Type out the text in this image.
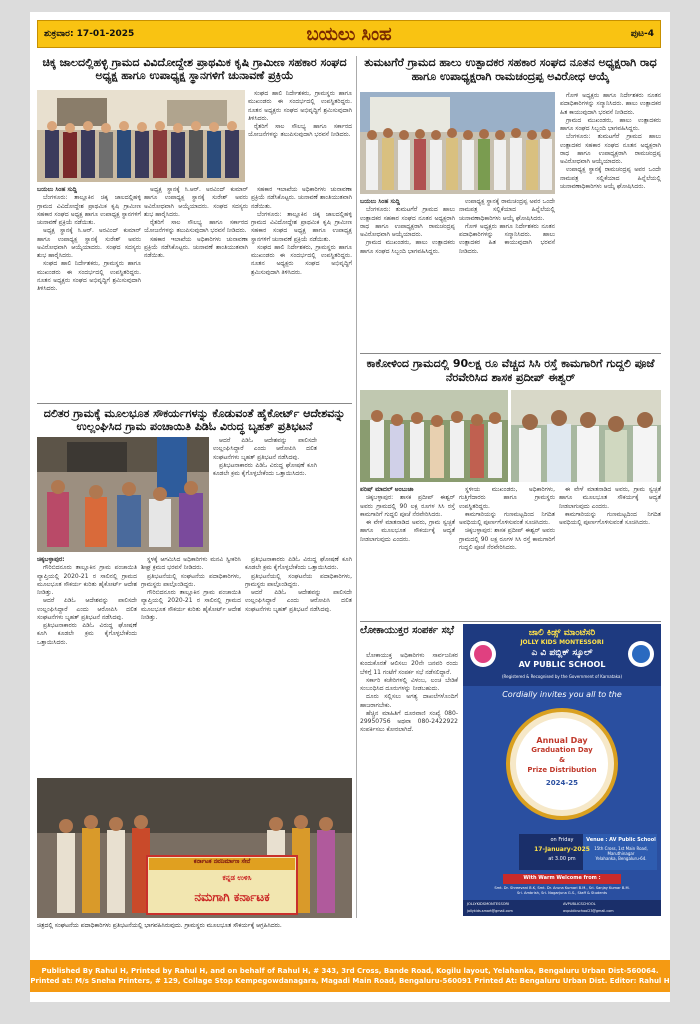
ಶುಕ್ರವಾರ: 17-01-2025	ಬಯಲು ಸಿಂಹ	ಪುಟ-4
ಚಿಕ್ಕ ಜಾಲದಲ್ಲಿಹಳ್ಳಿ ಗ್ರಾಮದ ವಿವಿದೋದ್ದೇಶ ಪ್ರಾಥಮಿಕ ಕೃಷಿ ಗ್ರಾಮೀಣ ಸಹಕಾರ ಸಂಘದ ಅಧ್ಯಕ್ಷ ಹಾಗೂ ಉಪಾಧ್ಯಕ್ಷ ಸ್ಥಾನಗಳಿಗೆ ಚುನಾವಣೆ ಪ್ರಕ್ರಿಯೆ

ಸಂಘದ ಹಾಲಿ ನಿರ್ದೇಶಕರು, ಗ್ರಾಮಸ್ಥರು ಹಾಗೂ ಮುಖಂಡರು ಈ ಸಂದರ್ಭದಲ್ಲಿ ಉಪಸ್ಥಿತರಿದ್ದರು. ನೂತನ ಅಧ್ಯಕ್ಷರು ಸಂಘದ ಅಭಿವೃದ್ಧಿಗೆ ಶ್ರಮಿಸುವುದಾಗಿ ತಿಳಿಸಿದರು.

ರೈತರಿಗೆ ಸಾಲ ಸೌಲಭ್ಯ ಹಾಗೂ ಸರ್ಕಾರದ ಯೋಜನೆಗಳನ್ನು ತಲುಪಿಸುವುದಾಗಿ ಭರವಸೆ ನೀಡಿದರು.

ಬಯಲು ಸಿಂಹ ಸುದ್ದಿ

ಬೆಂಗಳೂರು: ತಾಲ್ಲೂಕಿನ ಚಿಕ್ಕ ಜಾಲದಲ್ಲಿಹಳ್ಳಿ ಗ್ರಾಮದ ವಿವಿದೋದ್ದೇಶ ಪ್ರಾಥಮಿಕ ಕೃಷಿ ಗ್ರಾಮೀಣ ಸಹಕಾರ ಸಂಘದ ಅಧ್ಯಕ್ಷ ಹಾಗೂ ಉಪಾಧ್ಯಕ್ಷ ಸ್ಥಾನಗಳಿಗೆ ಚುನಾವಣೆ ಪ್ರಕ್ರಿಯೆ ನಡೆಯಿತು.

ಅಧ್ಯಕ್ಷ ಸ್ಥಾನಕ್ಕೆ ಸಿ.ಆರ್. ಅರವಿಂದ್ ಕುಮಾರ್ ಹಾಗೂ ಉಪಾಧ್ಯಕ್ಷ ಸ್ಥಾನಕ್ಕೆ ಸುರೇಶ್ ಅವರು ಅವಿರೋಧವಾಗಿ ಆಯ್ಕೆಯಾದರು. ಸಂಘದ ಸದಸ್ಯರು ಶುಭ ಹಾರೈಸಿದರು.

ಸಂಘದ ಹಾಲಿ ನಿರ್ದೇಶಕರು, ಗ್ರಾಮಸ್ಥರು ಹಾಗೂ ಮುಖಂಡರು ಈ ಸಂದರ್ಭದಲ್ಲಿ ಉಪಸ್ಥಿತರಿದ್ದರು. ನೂತನ ಅಧ್ಯಕ್ಷರು ಸಂಘದ ಅಭಿವೃದ್ಧಿಗೆ ಶ್ರಮಿಸುವುದಾಗಿ ತಿಳಿಸಿದರು.

ಅಧ್ಯಕ್ಷ ಸ್ಥಾನಕ್ಕೆ ಸಿ.ಆರ್. ಅರವಿಂದ್ ಕುಮಾರ್ ಹಾಗೂ ಉಪಾಧ್ಯಕ್ಷ ಸ್ಥಾನಕ್ಕೆ ಸುರೇಶ್ ಅವರು ಅವಿರೋಧವಾಗಿ ಆಯ್ಕೆಯಾದರು. ಸಂಘದ ಸದಸ್ಯರು ಶುಭ ಹಾರೈಸಿದರು.

ರೈತರಿಗೆ ಸಾಲ ಸೌಲಭ್ಯ ಹಾಗೂ ಸರ್ಕಾರದ ಯೋಜನೆಗಳನ್ನು ತಲುಪಿಸುವುದಾಗಿ ಭರವಸೆ ನೀಡಿದರು.

ಸಹಕಾರ ಇಲಾಖೆಯ ಅಧಿಕಾರಿಗಳು ಚುನಾವಣಾ ಪ್ರಕ್ರಿಯೆ ನಡೆಸಿಕೊಟ್ಟರು. ಚುನಾವಣೆ ಶಾಂತಿಯುತವಾಗಿ ನಡೆಯಿತು.

ಸಹಕಾರ ಇಲಾಖೆಯ ಅಧಿಕಾರಿಗಳು ಚುನಾವಣಾ ಪ್ರಕ್ರಿಯೆ ನಡೆಸಿಕೊಟ್ಟರು. ಚುನಾವಣೆ ಶಾಂತಿಯುತವಾಗಿ ನಡೆಯಿತು.

ಬೆಂಗಳೂರು: ತಾಲ್ಲೂಕಿನ ಚಿಕ್ಕ ಜಾಲದಲ್ಲಿಹಳ್ಳಿ ಗ್ರಾಮದ ವಿವಿದೋದ್ದೇಶ ಪ್ರಾಥಮಿಕ ಕೃಷಿ ಗ್ರಾಮೀಣ ಸಹಕಾರ ಸಂಘದ ಅಧ್ಯಕ್ಷ ಹಾಗೂ ಉಪಾಧ್ಯಕ್ಷ ಸ್ಥಾನಗಳಿಗೆ ಚುನಾವಣೆ ಪ್ರಕ್ರಿಯೆ ನಡೆಯಿತು.

ಸಂಘದ ಹಾಲಿ ನಿರ್ದೇಶಕರು, ಗ್ರಾಮಸ್ಥರು ಹಾಗೂ ಮುಖಂಡರು ಈ ಸಂದರ್ಭದಲ್ಲಿ ಉಪಸ್ಥಿತರಿದ್ದರು. ನೂತನ ಅಧ್ಯಕ್ಷರು ಸಂಘದ ಅಭಿವೃದ್ಧಿಗೆ ಶ್ರಮಿಸುವುದಾಗಿ ತಿಳಿಸಿದರು.

ದಲಿತರ ಗ್ರಾಮಕ್ಕೆ ಮೂಲಭೂತ ಸೌಕರ್ಯಗಳನ್ನು ಕೊಡುವಂತೆ ಹೈಕೋರ್ಟ್ ಆದೇಶವನ್ನು ಉಲ್ಲಂಘಿಸಿದ ಗ್ರಾಮ ಪಂಚಾಯಿತಿ ಪಿಡಿಓ ವಿರುದ್ಧ ಬೃಹತ್ ಪ್ರತಿಭಟನೆ

ಆದರೆ ಪಿಡಿಓ ಆದೇಶವನ್ನು ಪಾಲಿಸದೇ ಉಲ್ಲಂಘಿಸಿದ್ದಾರೆ ಎಂದು ಆರೋಪಿಸಿ ದಲಿತ ಸಂಘಟನೆಗಳು ಬೃಹತ್ ಪ್ರತಿಭಟನೆ ನಡೆಸಿದವು.

ಪ್ರತಿಭಟನಾಕಾರರು ಪಿಡಿಓ ವಿರುದ್ಧ ಘೋಷಣೆ ಕೂಗಿ ಕೂಡಲೇ ಕ್ರಮ ಕೈಗೊಳ್ಳಬೇಕೆಂದು ಒತ್ತಾಯಿಸಿದರು.

ಚಿಕ್ಕಬಳ್ಳಾಪುರ:

ಗೌರಿಬಿದನೂರು ತಾಲ್ಲೂಕಿನ ಗ್ರಾಮ ಪಂಚಾಯಿತಿ ವ್ಯಾಪ್ತಿಯಲ್ಲಿ 2020-21 ರ ಸಾಲಿನಲ್ಲಿ ಗ್ರಾಮದ ಮೂಲಭೂತ ಸೌಕರ್ಯ ಕುರಿತು ಹೈಕೋರ್ಟ್ ಆದೇಶ ನೀಡಿತ್ತು.

ಆದರೆ ಪಿಡಿಓ ಆದೇಶವನ್ನು ಪಾಲಿಸದೇ ಉಲ್ಲಂಘಿಸಿದ್ದಾರೆ ಎಂದು ಆರೋಪಿಸಿ ದಲಿತ ಸಂಘಟನೆಗಳು ಬೃಹತ್ ಪ್ರತಿಭಟನೆ ನಡೆಸಿದವು.

ಪ್ರತಿಭಟನಾಕಾರರು ಪಿಡಿಓ ವಿರುದ್ಧ ಘೋಷಣೆ ಕೂಗಿ ಕೂಡಲೇ ಕ್ರಮ ಕೈಗೊಳ್ಳಬೇಕೆಂದು ಒತ್ತಾಯಿಸಿದರು.

ಸ್ಥಳಕ್ಕೆ ಆಗಮಿಸಿದ ಅಧಿಕಾರಿಗಳು ಮನವಿ ಸ್ವೀಕರಿಸಿ ಶೀಘ್ರ ಕ್ರಮದ ಭರವಸೆ ನೀಡಿದರು.

ಪ್ರತಿಭಟನೆಯಲ್ಲಿ ಸಂಘಟನೆಯ ಪದಾಧಿಕಾರಿಗಳು, ಗ್ರಾಮಸ್ಥರು ಪಾಲ್ಗೊಂಡಿದ್ದರು.

ಗೌರಿಬಿದನೂರು ತಾಲ್ಲೂಕಿನ ಗ್ರಾಮ ಪಂಚಾಯಿತಿ ವ್ಯಾಪ್ತಿಯಲ್ಲಿ 2020-21 ರ ಸಾಲಿನಲ್ಲಿ ಗ್ರಾಮದ ಮೂಲಭೂತ ಸೌಕರ್ಯ ಕುರಿತು ಹೈಕೋರ್ಟ್ ಆದೇಶ ನೀಡಿತ್ತು.

ಪ್ರತಿಭಟನಾಕಾರರು ಪಿಡಿಓ ವಿರುದ್ಧ ಘೋಷಣೆ ಕೂಗಿ ಕೂಡಲೇ ಕ್ರಮ ಕೈಗೊಳ್ಳಬೇಕೆಂದು ಒತ್ತಾಯಿಸಿದರು.

ಪ್ರತಿಭಟನೆಯಲ್ಲಿ ಸಂಘಟನೆಯ ಪದಾಧಿಕಾರಿಗಳು, ಗ್ರಾಮಸ್ಥರು ಪಾಲ್ಗೊಂಡಿದ್ದರು.

ಆದರೆ ಪಿಡಿಓ ಆದೇಶವನ್ನು ಪಾಲಿಸದೇ ಉಲ್ಲಂಘಿಸಿದ್ದಾರೆ ಎಂದು ಆರೋಪಿಸಿ ದಲಿತ ಸಂಘಟನೆಗಳು ಬೃಹತ್ ಪ್ರತಿಭಟನೆ ನಡೆಸಿದವು.

ಕರ್ನಾಟಕ ನವನಿರ್ಮಾಣ ಸೇನೆ
ಕನ್ನಡ ಉಳಿಸಿ
ನಮಗಾಗಿ ಕರ್ನಾಟಕ
ಚಿತ್ರದಲ್ಲಿ ಸಂಘಟನೆಯ ಪದಾಧಿಕಾರಿಗಳು ಪ್ರತಿಭಟನೆಯಲ್ಲಿ ಭಾಗವಹಿಸಿರುವುದು. ಗ್ರಾಮಸ್ಥರು ಮೂಲಭೂತ ಸೌಕರ್ಯಕ್ಕೆ ಆಗ್ರಹಿಸಿದರು.
ತುಮಟಗೆರೆ ಗ್ರಾಮದ ಹಾಲು ಉತ್ಪಾದಕರ ಸಹಕಾರ ಸಂಘದ ನೂತನ ಅಧ್ಯಕ್ಷರಾಗಿ ರಾಧ ಹಾಗೂ ಉಪಾಧ್ಯಕ್ಷರಾಗಿ ರಾಮಚಂದ್ರಪ್ಪ ಅವಿರೋಧ ಆಯ್ಕೆ

ಗೋಳಿ ಅಧ್ಯಕ್ಷರು ಹಾಗೂ ನಿರ್ದೇಶಕರು ನೂತನ ಪದಾಧಿಕಾರಿಗಳನ್ನು ಸನ್ಮಾನಿಸಿದರು. ಹಾಲು ಉತ್ಪಾದಕರ ಹಿತ ಕಾಯುವುದಾಗಿ ಭರವಸೆ ನೀಡಿದರು.

ಗ್ರಾಮದ ಮುಖಂಡರು, ಹಾಲು ಉತ್ಪಾದಕರು ಹಾಗೂ ಸಂಘದ ಸಿಬ್ಬಂದಿ ಭಾಗವಹಿಸಿದ್ದರು.

ಬೆಂಗಳೂರು: ತುಮಟಗೆರೆ ಗ್ರಾಮದ ಹಾಲು ಉತ್ಪಾದಕರ ಸಹಕಾರ ಸಂಘದ ನೂತನ ಅಧ್ಯಕ್ಷರಾಗಿ ರಾಧ ಹಾಗೂ ಉಪಾಧ್ಯಕ್ಷರಾಗಿ ರಾಮಚಂದ್ರಪ್ಪ ಅವಿರೋಧವಾಗಿ ಆಯ್ಕೆಯಾದರು.

ಉಪಾಧ್ಯಕ್ಷ ಸ್ಥಾನಕ್ಕೆ ರಾಮಚಂದ್ರಪ್ಪ ಅವರ ಒಂದೇ ನಾಮಪತ್ರ ಸಲ್ಲಿಕೆಯಾದ ಹಿನ್ನೆಲೆಯಲ್ಲಿ ಚುನಾವಣಾಧಿಕಾರಿಗಳು ಆಯ್ಕೆ ಘೋಷಿಸಿದರು.

ಬಯಲು ಸಿಂಹ ಸುದ್ದಿ

ಬೆಂಗಳೂರು: ತುಮಟಗೆರೆ ಗ್ರಾಮದ ಹಾಲು ಉತ್ಪಾದಕರ ಸಹಕಾರ ಸಂಘದ ನೂತನ ಅಧ್ಯಕ್ಷರಾಗಿ ರಾಧ ಹಾಗೂ ಉಪಾಧ್ಯಕ್ಷರಾಗಿ ರಾಮಚಂದ್ರಪ್ಪ ಅವಿರೋಧವಾಗಿ ಆಯ್ಕೆಯಾದರು.

ಗ್ರಾಮದ ಮುಖಂಡರು, ಹಾಲು ಉತ್ಪಾದಕರು ಹಾಗೂ ಸಂಘದ ಸಿಬ್ಬಂದಿ ಭಾಗವಹಿಸಿದ್ದರು.

ಉಪಾಧ್ಯಕ್ಷ ಸ್ಥಾನಕ್ಕೆ ರಾಮಚಂದ್ರಪ್ಪ ಅವರ ಒಂದೇ ನಾಮಪತ್ರ ಸಲ್ಲಿಕೆಯಾದ ಹಿನ್ನೆಲೆಯಲ್ಲಿ ಚುನಾವಣಾಧಿಕಾರಿಗಳು ಆಯ್ಕೆ ಘೋಷಿಸಿದರು.

ಗೋಳಿ ಅಧ್ಯಕ್ಷರು ಹಾಗೂ ನಿರ್ದೇಶಕರು ನೂತನ ಪದಾಧಿಕಾರಿಗಳನ್ನು ಸನ್ಮಾನಿಸಿದರು. ಹಾಲು ಉತ್ಪಾದಕರ ಹಿತ ಕಾಯುವುದಾಗಿ ಭರವಸೆ ನೀಡಿದರು.

ಕಾಕೋಳಿಂದ ಗ್ರಾಮದಲ್ಲಿ 90ಲಕ್ಷ ರೂ ವೆಚ್ಚದ ಸಿಸಿ ರಸ್ತೆ ಕಾಮಗಾರಿಗೆ ಗುದ್ದಲಿ ಪೂಜೆ ನೆರವೇರಿಸಿದ ಶಾಸಕ ಪ್ರದೀಪ್ ಈಶ್ವರ್

ಪರಿಷ್ ಮಾದಲ್ ಅಂಬುಜಾ

ಚಿಕ್ಕಬಳ್ಳಾಪುರ: ಶಾಸಕ ಪ್ರದೀಪ್ ಈಶ್ವರ್ ಅವರು ಗ್ರಾಮದಲ್ಲಿ 90 ಲಕ್ಷ ರೂಗಳ ಸಿಸಿ ರಸ್ತೆ ಕಾಮಗಾರಿಗೆ ಗುದ್ದಲಿ ಪೂಜೆ ನೆರವೇರಿಸಿದರು.

ಈ ವೇಳೆ ಮಾತನಾಡಿದ ಅವರು, ಗ್ರಾಮ ಸ್ವಚ್ಛತೆ ಹಾಗೂ ಮೂಲಭೂತ ಸೌಕರ್ಯಕ್ಕೆ ಆದ್ಯತೆ ನೀಡಲಾಗುವುದು ಎಂದರು.

ಸ್ಥಳೀಯ ಮುಖಂಡರು, ಅಧಿಕಾರಿಗಳು, ಗುತ್ತಿಗೆದಾರರು ಹಾಗೂ ಗ್ರಾಮಸ್ಥರು ಉಪಸ್ಥಿತರಿದ್ದರು.

ಕಾಮಗಾರಿಯನ್ನು ಗುಣಮಟ್ಟದಿಂದ ನಿಗದಿತ ಅವಧಿಯಲ್ಲಿ ಪೂರ್ಣಗೊಳಿಸುವಂತೆ ಸೂಚಿಸಿದರು.

ಚಿಕ್ಕಬಳ್ಳಾಪುರ: ಶಾಸಕ ಪ್ರದೀಪ್ ಈಶ್ವರ್ ಅವರು ಗ್ರಾಮದಲ್ಲಿ 90 ಲಕ್ಷ ರೂಗಳ ಸಿಸಿ ರಸ್ತೆ ಕಾಮಗಾರಿಗೆ ಗುದ್ದಲಿ ಪೂಜೆ ನೆರವೇರಿಸಿದರು.

ಈ ವೇಳೆ ಮಾತನಾಡಿದ ಅವರು, ಗ್ರಾಮ ಸ್ವಚ್ಛತೆ ಹಾಗೂ ಮೂಲಭೂತ ಸೌಕರ್ಯಕ್ಕೆ ಆದ್ಯತೆ ನೀಡಲಾಗುವುದು ಎಂದರು.

ಕಾಮಗಾರಿಯನ್ನು ಗುಣಮಟ್ಟದಿಂದ ನಿಗದಿತ ಅವಧಿಯಲ್ಲಿ ಪೂರ್ಣಗೊಳಿಸುವಂತೆ ಸೂಚಿಸಿದರು.

ಲೋಕಾಯುಕ್ತರ ಸಂಪರ್ಕ ಸಭೆ

ಲೋಕಾಯುಕ್ತ ಅಧಿಕಾರಿಗಳು ಸಾರ್ವಜನಿಕರ ಕುಂದುಕೊರತೆ ಆಲಿಸಲು 20ನೇ ಜನವರಿ ರಂದು ಬೆಳಿಗ್ಗೆ 11 ಗಂಟೆಗೆ ಸಂಪರ್ಕ ಸಭೆ ನಡೆಸಲಿದ್ದಾರೆ.

ಸರ್ಕಾರಿ ಕಚೇರಿಗಳಲ್ಲಿ ವಿಳಂಬ, ಲಂಚ ಬೇಡಿಕೆ ಸಂಬಂಧಿಸಿದ ದೂರುಗಳನ್ನು ನೀಡಬಹುದು.

ದೂರು ಸಲ್ಲಿಸಲು ಅಗತ್ಯ ದಾಖಲೆಗಳೊಂದಿಗೆ ಹಾಜರಾಗಬೇಕು.

ಹೆಚ್ಚಿನ ಮಾಹಿತಿಗೆ ದೂರವಾಣಿ ಸಂಖ್ಯೆ 080-29950756 ಅಥವಾ 080-2422922 ಸಂಪರ್ಕಿಸಲು ಕೋರಲಾಗಿದೆ.

ಜಾಲಿ ಕಿಡ್ಸ್ ಮಾಂಟೆಸರಿ
JOLLY KIDS MONTESSORI
ಎ ವಿ ಪಬ್ಲಿಕ್ ಸ್ಕೂಲ್
AV PUBLIC SCHOOL
(Registered & Recognised by the Government of Karnataka)
Cordially invites you all to the
Annual Day
Graduation Day
&
Prize Distribution
2024-25
on Friday
17-January-2025
at 3.00 pm
Venue : AV Public School
15th Cross, 1st Main Road, Maruthinagar
Yelahanka, Bengaluru-64.
With Warm Welcome from :
Smt. Dr. Shreevani B.K, Smt. Dr. Aruna Kumari B.M., Sri. Sanjay Kumar B.M.
Sri. Ambrish, Sri. Nagarjuna G.S., Staff & Students
JOLLYKIDSMONTESSORI	AVPUBLICSCHOOL
jollykids.smart@gmail.com	avpublicschool23@gmail.com
Published By Rahul H, Printed by Rahul H, and on behalf of Rahul H, # 343, 3rd Cross, Bande Road, Kogilu layout, Yelahanka, Bengaluru Urban Dist-560064.
Printed at: M/s Sneha Printers, # 129, Collage Stop Kempegowdanagara, Magadi Main Road, Bengaluru-560091 Printed At: Bengaluru Urban Dist. Editor: Rahul H
